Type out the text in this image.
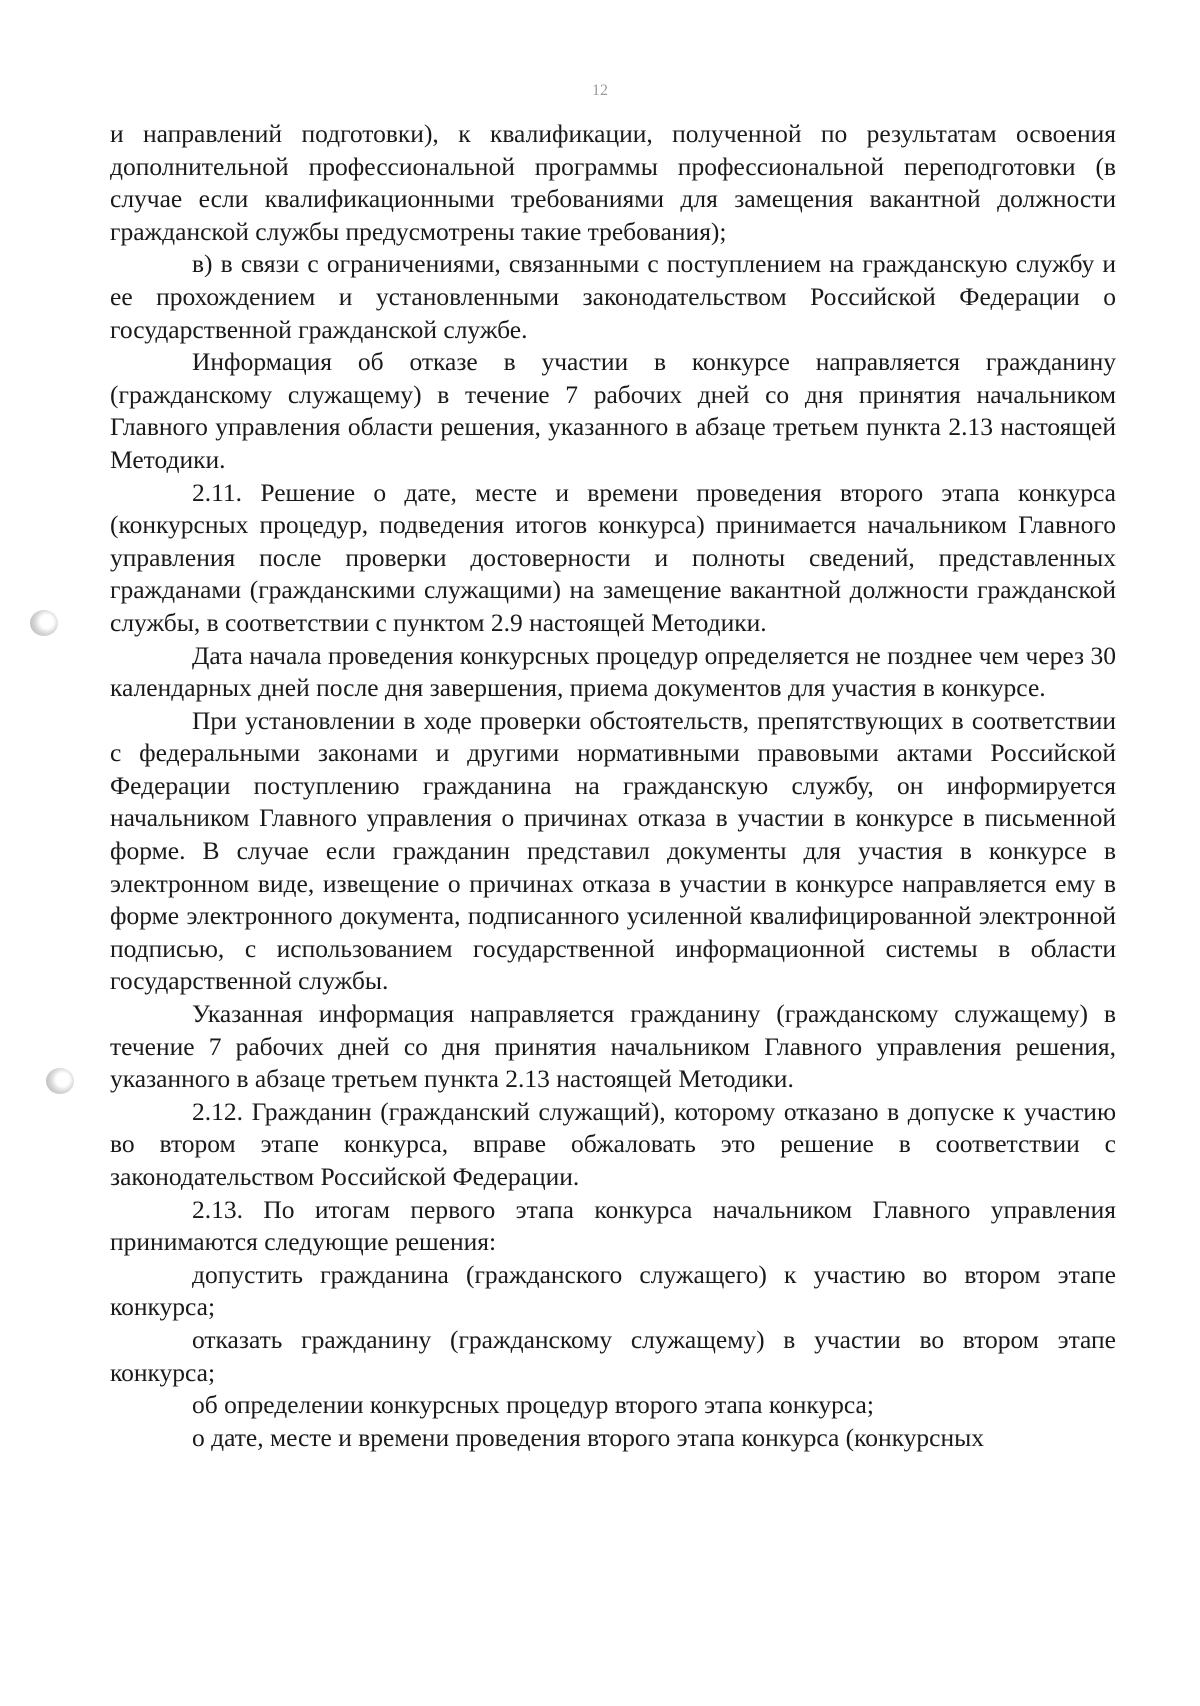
12

и направлений подготовки), к квалификации, полученной по результатам освоения дополнительной профессиональной программы профессиональной переподготовки (в случае если квалификационными требованиями для замещения вакантной должности гражданской службы предусмотрены такие требования);

в) в связи с ограничениями, связанными с поступлением на гражданскую службу и ее прохождением и установленными законодательством Российской Федерации о государственной гражданской службе.

Информация об отказе в участии в конкурсе направляется гражданину (гражданскому служащему) в течение 7 рабочих дней со дня принятия начальником Главного управления области решения, указанного в абзаце третьем пункта 2.13 настоящей Методики.

2.11. Решение о дате, месте и времени проведения второго этапа конкурса (конкурсных процедур, подведения итогов конкурса) принимается начальником Главного управления после проверки достоверности и полноты сведений, представленных гражданами (гражданскими служащими) на замещение вакантной должности гражданской службы, в соответствии с пунктом 2.9 настоящей Методики.

Дата начала проведения конкурсных процедур определяется не позднее чем через 30 календарных дней после дня завершения, приема документов для участия в конкурсе.

При установлении в ходе проверки обстоятельств, препятствующих в соответствии с федеральными законами и другими нормативными правовыми актами Российской Федерации поступлению гражданина на гражданскую службу, он информируется начальником Главного управления о причинах отказа в участии в конкурсе в письменной форме. В случае если гражданин представил документы для участия в конкурсе в электронном виде, извещение о причинах отказа в участии в конкурсе направляется ему в форме электронного документа, подписанного усиленной квалифицированной электронной подписью, с использованием государственной информационной системы в области государственной службы.

Указанная информация направляется гражданину (гражданскому служащему) в течение 7 рабочих дней со дня принятия начальником Главного управления решения, указанного в абзаце третьем пункта 2.13 настоящей Методики.

2.12. Гражданин (гражданский служащий), которому отказано в допуске к участию во втором этапе конкурса, вправе обжаловать это решение в соответствии с законодательством Российской Федерации.

2.13. По итогам первого этапа конкурса начальником Главного управления принимаются следующие решения:

допустить гражданина (гражданского служащего) к участию во втором этапе конкурса;

отказать гражданину (гражданскому служащему) в участии во втором этапе конкурса;

об определении конкурсных процедур второго этапа конкурса;

о дате, месте и времени проведения второго этапа конкурса (конкурсных
